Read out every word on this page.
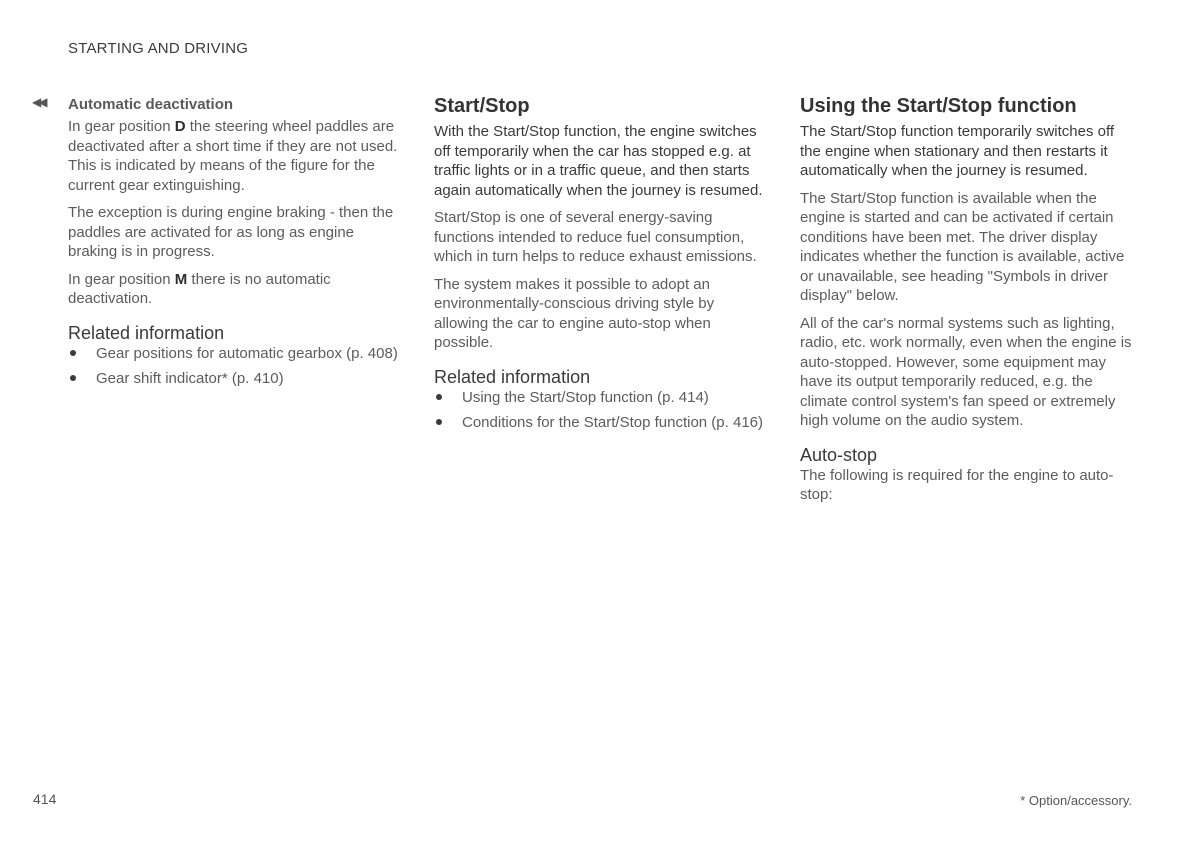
STARTING AND DRIVING
◀◀ Automatic deactivation

In gear position D the steering wheel paddles are deactivated after a short time if they are not used. This is indicated by means of the figure for the current gear extinguishing.

The exception is during engine braking - then the paddles are activated for as long as engine braking is in progress.

In gear position M there is no automatic deactivation.

Related information
Gear positions for automatic gearbox (p. 408)
Gear shift indicator* (p. 410)
Start/Stop

With the Start/Stop function, the engine switches off temporarily when the car has stopped e.g. at traffic lights or in a traffic queue, and then starts again automatically when the journey is resumed.

Start/Stop is one of several energy-saving functions intended to reduce fuel consumption, which in turn helps to reduce exhaust emissions.

The system makes it possible to adopt an environmentally-conscious driving style by allowing the car to engine auto-stop when possible.

Related information
Using the Start/Stop function (p. 414)
Conditions for the Start/Stop function (p. 416)
Using the Start/Stop function

The Start/Stop function temporarily switches off the engine when stationary and then restarts it automatically when the journey is resumed.

The Start/Stop function is available when the engine is started and can be activated if certain conditions have been met. The driver display indicates whether the function is available, active or unavailable, see heading "Symbols in driver display" below.

All of the car's normal systems such as lighting, radio, etc. work normally, even when the engine is auto-stopped. However, some equipment may have its output temporarily reduced, e.g. the climate control system's fan speed or extremely high volume on the audio system.

Auto-stop

The following is required for the engine to auto-stop:

414	* Option/accessory.
